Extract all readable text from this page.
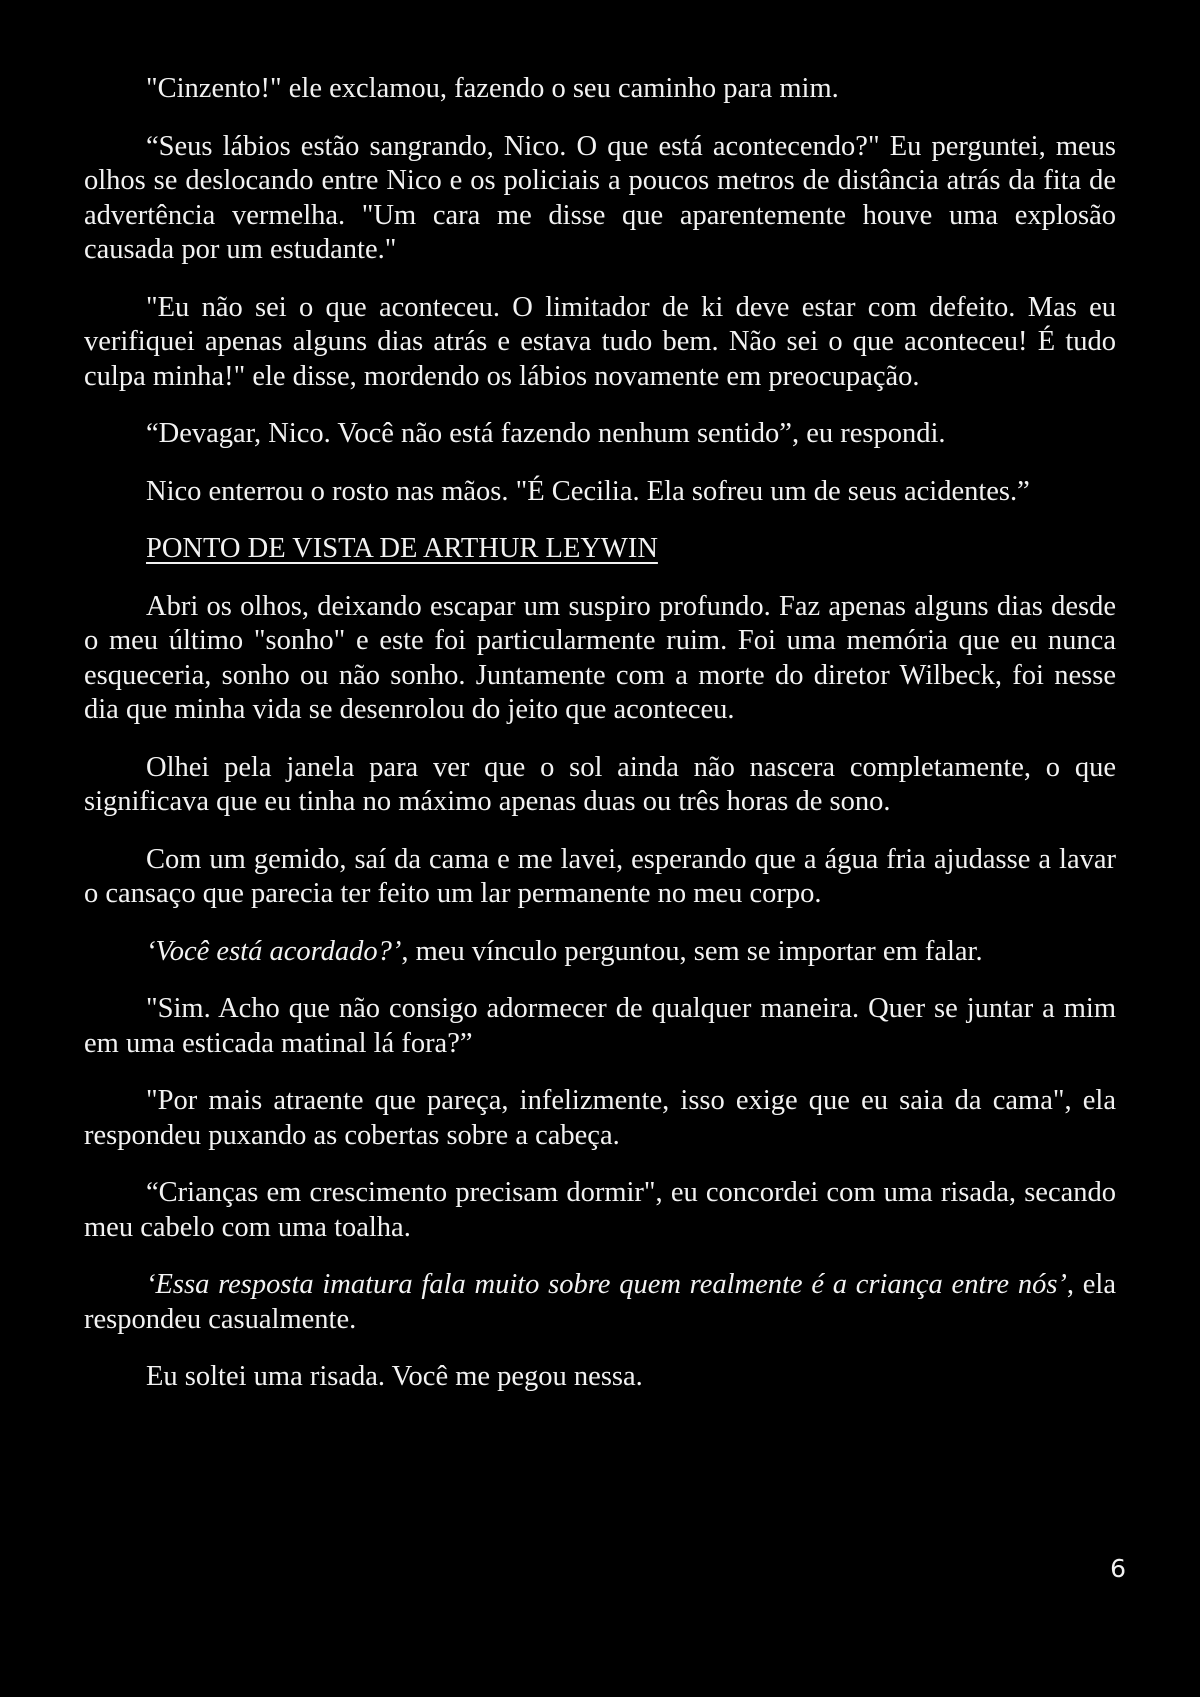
"Cinzento!" ele exclamou, fazendo o seu caminho para mim.

“Seus lábios estão sangrando, Nico. O que está acontecendo?" Eu perguntei, meus olhos se deslocando entre Nico e os policiais a poucos metros de distância atrás da fita de advertência vermelha. "Um cara me disse que aparentemente houve uma explosão causada por um estudante."

"Eu não sei o que aconteceu. O limitador de ki deve estar com defeito. Mas eu verifiquei apenas alguns dias atrás e estava tudo bem. Não sei o que aconteceu! É tudo culpa minha!" ele disse, mordendo os lábios novamente em preocupação.

“Devagar, Nico. Você não está fazendo nenhum sentido”, eu respondi.

Nico enterrou o rosto nas mãos. "É Cecilia. Ela sofreu um de seus acidentes.”

PONTO DE VISTA DE ARTHUR LEYWIN

Abri os olhos, deixando escapar um suspiro profundo. Faz apenas alguns dias desde o meu último "sonho" e este foi particularmente ruim. Foi uma memória que eu nunca esqueceria, sonho ou não sonho. Juntamente com a morte do diretor Wilbeck, foi nesse dia que minha vida se desenrolou do jeito que aconteceu.

Olhei pela janela para ver que o sol ainda não nascera completamente, o que significava que eu tinha no máximo apenas duas ou três horas de sono.

Com um gemido, saí da cama e me lavei, esperando que a água fria ajudasse a lavar o cansaço que parecia ter feito um lar permanente no meu corpo.

‘Você está acordado?’, meu vínculo perguntou, sem se importar em falar.

"Sim. Acho que não consigo adormecer de qualquer maneira. Quer se juntar a mim em uma esticada matinal lá fora?”

"Por mais atraente que pareça, infelizmente, isso exige que eu saia da cama", ela respondeu puxando as cobertas sobre a cabeça.

“Crianças em crescimento precisam dormir", eu concordei com uma risada, secando meu cabelo com uma toalha.

‘Essa resposta imatura fala muito sobre quem realmente é a criança entre nós’, ela respondeu casualmente.

Eu soltei uma risada. Você me pegou nessa.

6
